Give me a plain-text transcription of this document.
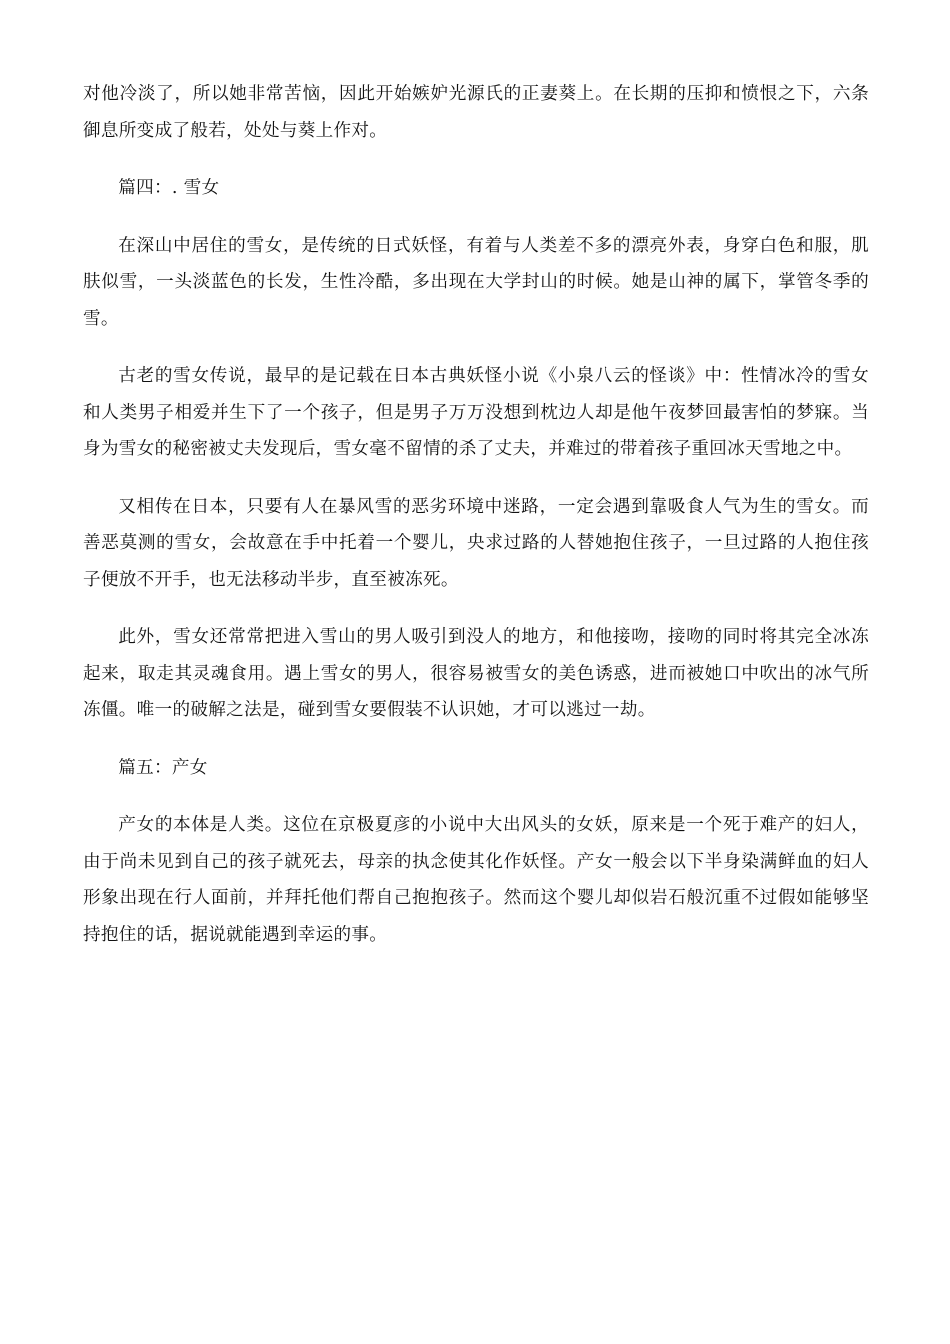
对他冷淡了，所以她非常苦恼，因此开始嫉妒光源氏的正妻葵上。在长期的压抑和愤恨之下，六条御息所变成了般若，处处与葵上作对。

篇四：. 雪女

在深山中居住的雪女，是传统的日式妖怪，有着与人类差不多的漂亮外表，身穿白色和服，肌肤似雪，一头淡蓝色的长发，生性冷酷，多出现在大学封山的时候。她是山神的属下，掌管冬季的雪。

古老的雪女传说，最早的是记载在日本古典妖怪小说《小泉八云的怪谈》中：性情冰冷的雪女和人类男子相爱并生下了一个孩子，但是男子万万没想到枕边人却是他午夜梦回最害怕的梦寐。当身为雪女的秘密被丈夫发现后，雪女毫不留情的杀了丈夫，并难过的带着孩子重回冰天雪地之中。

又相传在日本，只要有人在暴风雪的恶劣环境中迷路，一定会遇到靠吸食人气为生的雪女。而善恶莫测的雪女，会故意在手中托着一个婴儿，央求过路的人替她抱住孩子，一旦过路的人抱住孩子便放不开手，也无法移动半步，直至被冻死。

此外，雪女还常常把进入雪山的男人吸引到没人的地方，和他接吻，接吻的同时将其完全冰冻起来，取走其灵魂食用。遇上雪女的男人，很容易被雪女的美色诱惑，进而被她口中吹出的冰气所冻僵。唯一的破解之法是，碰到雪女要假装不认识她，才可以逃过一劫。

篇五：产女

产女的本体是人类。这位在京极夏彦的小说中大出风头的女妖，原来是一个死于难产的妇人，由于尚未见到自己的孩子就死去，母亲的执念使其化作妖怪。产女一般会以下半身染满鲜血的妇人形象出现在行人面前，并拜托他们帮自己抱抱孩子。然而这个婴儿却似岩石般沉重不过假如能够坚持抱住的话，据说就能遇到幸运的事。
